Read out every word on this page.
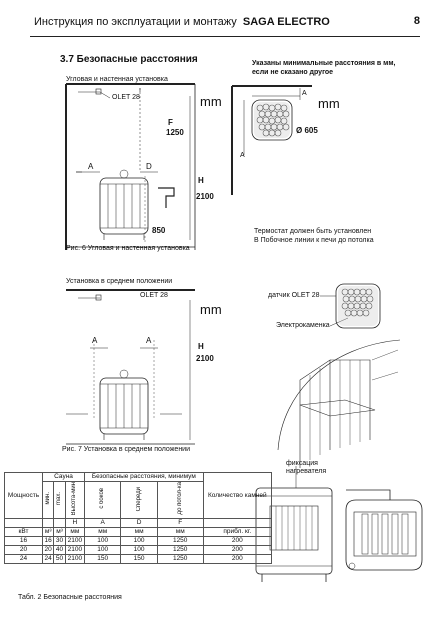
Инструкция по эксплуатации и монтажу SAGA ELECTRO	8
3.7 Безопасные расстояния
Угловая и настенная установка
OLET 28	mm
F
1250
H
2100
A	D
850
Рис. 6 Угловая и настенная установка
Указаны минимальные расстояния в мм,
если не сказано другое
A
mm
Ø 605
A
Термостат должен быть установлен
В Побочное линии к печи до потолка
Установка в среднем положении
OLET 28
mm
A	A
H
2100
Рис. 7 Установка в среднем положении
датчик OLET 28
Электрокаменка
фиксация
нагревателя
Мощность	Сауна			Безопасные расстояния, минимум			Количество камней
	мин.	max.	Высота-мин	с боков	Спереди	до потол-ка	
			H	A	D	F	
кВт	м³	м³	мм	мм	мм	мм	прибл. кг.
16	16	30	2100	100	100	1250	200
20	20	40	2100	100	100	1250	200
24	24	50	2100	150	150	1250	200
Табл. 2 Безопасные расстояния
